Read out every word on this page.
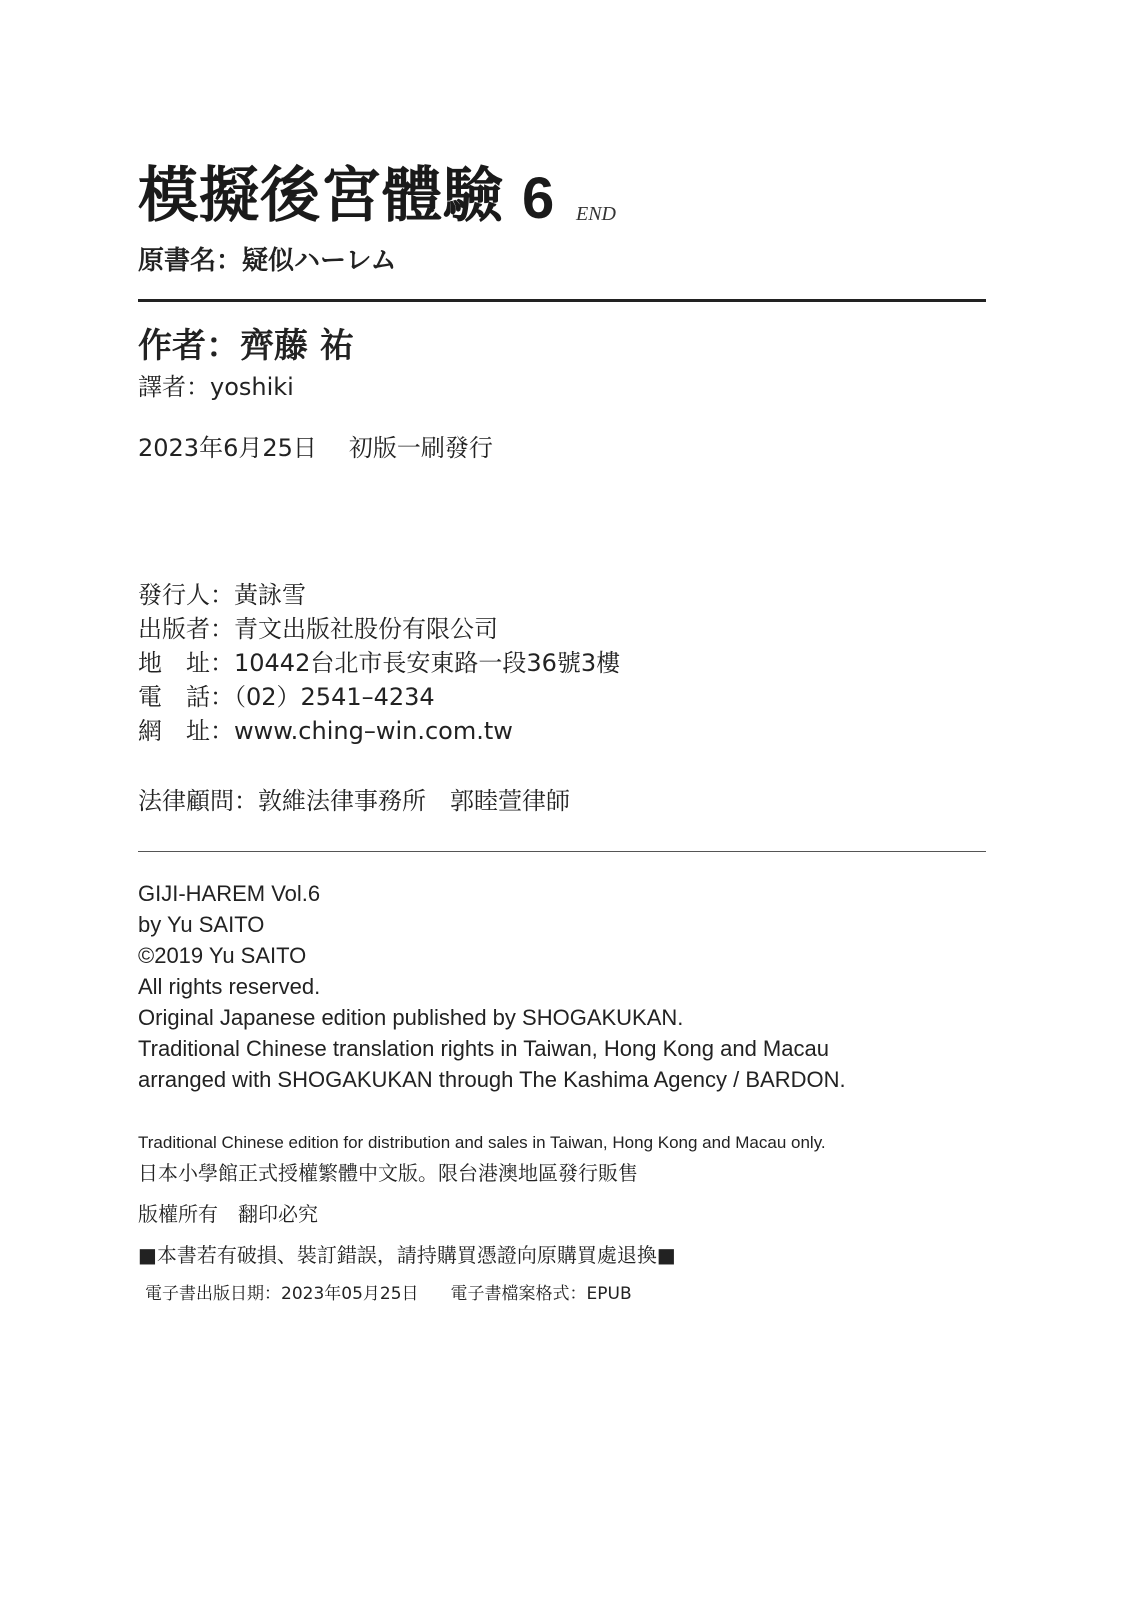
模擬後宮體驗 6 END
原書名：疑似ハーレム
作者：齊藤 祐
譯者：yoshiki
2023年6月25日 初版一刷發行
發行人：黃詠雪
出版者：青文出版社股份有限公司
地　址：10442台北市長安東路一段36號3樓
電　話：（02）2541–4234
網　址：www.ching–win.com.tw
法律顧問：敦維法律事務所　郭睦萱律師
GIJI-HAREM Vol.6
by Yu SAITO
©2019 Yu SAITO
All rights reserved.
Original Japanese edition published by SHOGAKUKAN.
Traditional Chinese translation rights in Taiwan, Hong Kong and Macau
arranged with SHOGAKUKAN through The Kashima Agency / BARDON.
Traditional Chinese edition for distribution and sales in Taiwan, Hong Kong and Macau only.
日本小學館正式授權繁體中文版。限台港澳地區發行販售
版權所有　翻印必究
■本書若有破損、裝訂錯誤，請持購買憑證向原購買處退換■
電子書出版日期：2023年05月25日 電子書檔案格式：EPUB
